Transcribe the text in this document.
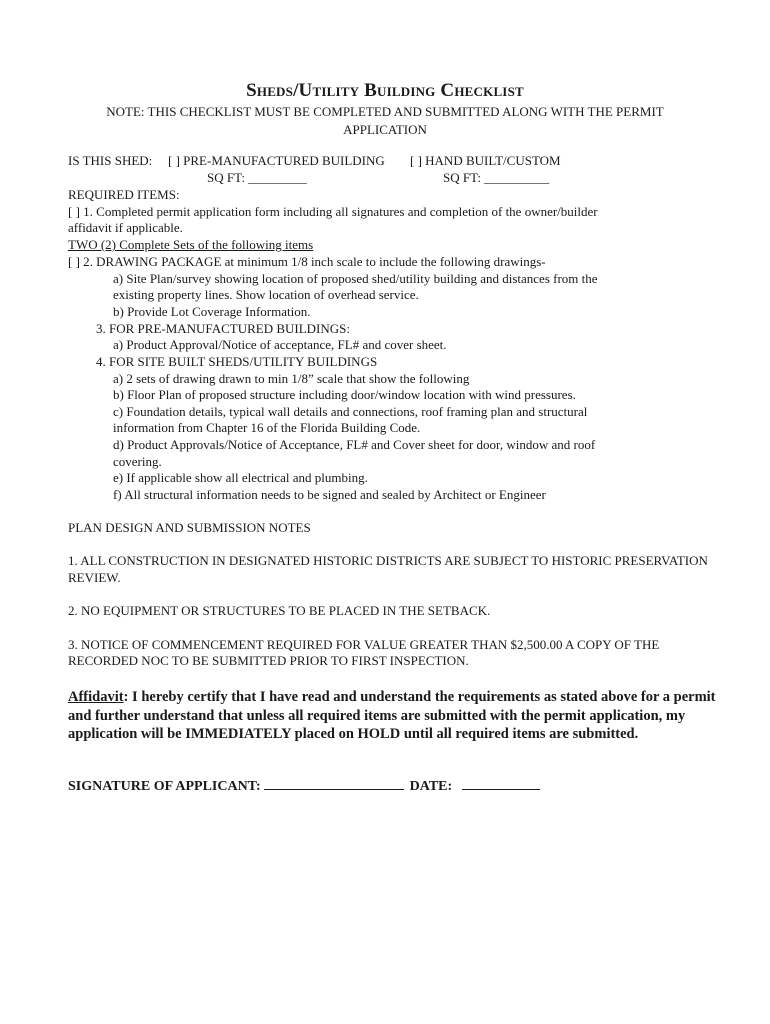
Sheds/Utility Building Checklist
NOTE: THIS CHECKLIST MUST BE COMPLETED AND SUBMITTED ALONG WITH THE PERMIT
APPLICATION
IS THIS SHED: [ ] PRE-MANUFACTURED BUILDING [ ] HAND BUILT/CUSTOM
SQ FT: _________	SQ FT: __________
REQUIRED ITEMS:
[ ] 1. Completed permit application form including all signatures and completion of the owner/builder
affidavit if applicable.
TWO (2) Complete Sets of the following items
[ ] 2. DRAWING PACKAGE at minimum 1/8 inch scale to include the following drawings-
a) Site Plan/survey showing location of proposed shed/utility building and distances from the
existing property lines. Show location of overhead service.
b) Provide Lot Coverage Information.
3. FOR PRE-MANUFACTURED BUILDINGS:
a) Product Approval/Notice of acceptance, FL# and cover sheet.
4. FOR SITE BUILT SHEDS/UTILITY BUILDINGS
a) 2 sets of drawing drawn to min 1/8” scale that show the following
b) Floor Plan of proposed structure including door/window location with wind pressures.
c) Foundation details, typical wall details and connections, roof framing plan and structural
information from Chapter 16 of the Florida Building Code.
d) Product Approvals/Notice of Acceptance, FL# and Cover sheet for door, window and roof
covering.
e) If applicable show all electrical and plumbing.
f) All structural information needs to be signed and sealed by Architect or Engineer
PLAN DESIGN AND SUBMISSION NOTES
1. ALL CONSTRUCTION IN DESIGNATED HISTORIC DISTRICTS ARE SUBJECT TO HISTORIC PRESERVATION
REVIEW.
2. NO EQUIPMENT OR STRUCTURES TO BE PLACED IN THE SETBACK.
3. NOTICE OF COMMENCEMENT REQUIRED FOR VALUE GREATER THAN $2,500.00 A COPY OF THE
RECORDED NOC TO BE SUBMITTED PRIOR TO FIRST INSPECTION.
Affidavit: I hereby certify that I have read and understand the requirements as stated above for a permit and further understand that unless all required items are submitted with the permit application, my application will be IMMEDIATELY placed on HOLD until all required items are submitted.
SIGNATURE OF APPLICANT:	DATE:
